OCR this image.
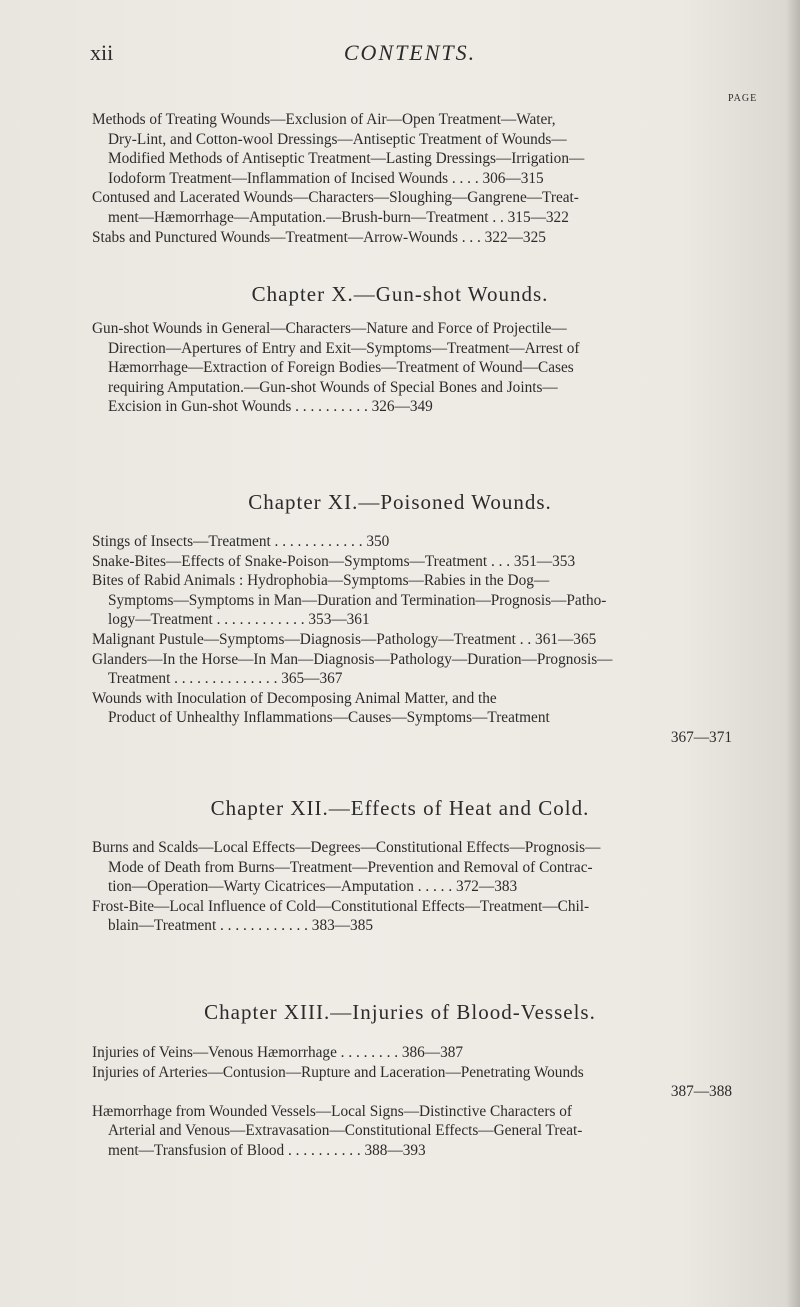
xii	CONTENTS.
PAGE
Methods of Treating Wounds—Exclusion of Air—Open Treatment—Water,
Dry-Lint, and Cotton-wool Dressings—Antiseptic Treatment of Wounds—
Modified Methods of Antiseptic Treatment—Lasting Dressings—Irrigation—
Iodoform Treatment—Inflammation of Incised Wounds . . . . 306—315
Contused and Lacerated Wounds—Characters—Sloughing—Gangrene—Treat-
ment—Hæmorrhage—Amputation.—Brush-burn—Treatment . . 315—322
Stabs and Punctured Wounds—Treatment—Arrow-Wounds . . . 322—325
Chapter X.—Gun-shot Wounds.
Gun-shot Wounds in General—Characters—Nature and Force of Projectile—
Direction—Apertures of Entry and Exit—Symptoms—Treatment—Arrest of
Hæmorrhage—Extraction of Foreign Bodies—Treatment of Wound—Cases
requiring Amputation.—Gun-shot Wounds of Special Bones and Joints—
Excision in Gun-shot Wounds . . . . . . . . . . 326—349
Chapter XI.—Poisoned Wounds.
Stings of Insects—Treatment . . . . . . . . . . . . 350
Snake-Bites—Effects of Snake-Poison—Symptoms—Treatment . . . 351—353
Bites of Rabid Animals : Hydrophobia—Symptoms—Rabies in the Dog—
Symptoms—Symptoms in Man—Duration and Termination—Prognosis—Patho-
logy—Treatment . . . . . . . . . . . . 353—361
Malignant Pustule—Symptoms—Diagnosis—Pathology—Treatment . . 361—365
Glanders—In the Horse—In Man—Diagnosis—Pathology—Duration—Prognosis—
Treatment . . . . . . . . . . . . . . 365—367
Wounds with Inoculation of Decomposing Animal Matter, and the
Product of Unhealthy Inflammations—Causes—Symptoms—Treatment
367—371
Chapter XII.—Effects of Heat and Cold.
Burns and Scalds—Local Effects—Degrees—Constitutional Effects—Prognosis—
Mode of Death from Burns—Treatment—Prevention and Removal of Contrac-
tion—Operation—Warty Cicatrices—Amputation . . . . . 372—383
Frost-Bite—Local Influence of Cold—Constitutional Effects—Treatment—Chil-
blain—Treatment . . . . . . . . . . . . 383—385
Chapter XIII.—Injuries of Blood-Vessels.
Injuries of Veins—Venous Hæmorrhage . . . . . . . . 386—387
Injuries of Arteries—Contusion—Rupture and Laceration—Penetrating Wounds
387—388
Hæmorrhage from Wounded Vessels—Local Signs—Distinctive Characters of
Arterial and Venous—Extravasation—Constitutional Effects—General Treat-
ment—Transfusion of Blood . . . . . . . . . . 388—393
